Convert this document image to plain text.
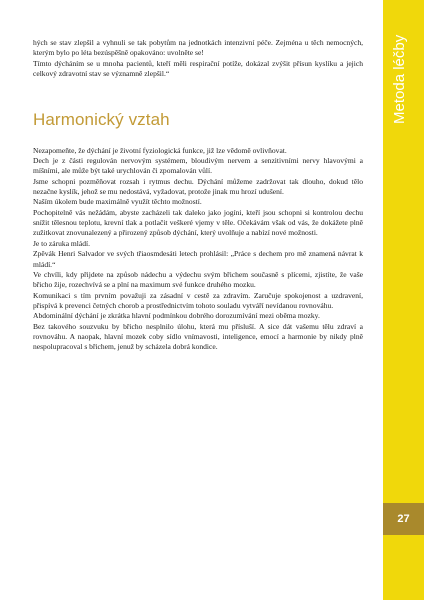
hých se stav zlepšil a vyhnuli se tak pobytům na jednotkách intenzivní péče. Zejména u těch nemocných, kterým bylo po léta bezúspěšně opakováno: uvolněte se!

Tímto dýcháním se u mnoha pacientů, kteří měli respirační potíže, dokázal zvýšit přísun kyslíku a jejich celkový zdravotní stav se významně zlepšil.“

Harmonický vztah

Nezapomeňte, že dýchání je životní fyziologická funkce, již lze vědomě ovlivňovat.

Dech je z části regulován nervovým systémem, bloudivým nervem a senzitivními nervy hlavovými a míšními, ale může být také urychlován či zpomalován vůlí.

Jsme schopni pozměňovat rozsah i rytmus dechu. Dýchání můžeme zadržovat tak dlouho, dokud tělo nezačne kyslík, jehož se mu nedostává, vyžadovat, protože jinak mu hrozí udušení.

Naším úkolem bude maximálně využít těchto možností.

Pochopitelně vás nežádám, abyste zacházeli tak daleko jako jogíni, kteří jsou schopni si kontrolou dechu snížit tělesnou teplotu, krevní tlak a potlačit veškeré vjemy v těle. Očekávám však od vás, že dokážete plně zužitkovat znovunalezený a přirozený způsob dýchání, který uvolňuje a nabízí nové možnosti.

Je to záruka mládí.

Zpěvák Henri Salvador ve svých třiaosmdesáti letech prohlásil: „Práce s dechem pro mě znamená návrat k mládí.“

Ve chvíli, kdy přijdete na způsob nádechu a výdechu svým břichem současně s plícemi, zjistíte, že vaše břicho žije, rozechvívá se a plní na maximum své funkce druhého mozku.

Komunikaci s tím prvním považuji za zásadní v cestě za zdravím. Zaručuje spokojenost a uzdravení, přispívá k prevenci četných chorob a prostřednictvím tohoto souladu vytváří nevídanou rovnováhu.

Abdominální dýchání je zkrátka hlavní podmínkou dobrého dorozumívání mezi oběma mozky.

Bez takového souzvuku by břicho nesplnilo úlohu, která mu přísluší. A sice dát vašemu tělu zdraví a rovnováhu. A naopak, hlavní mozek coby sídlo vnímavosti, inteligence, emocí a harmonie by nikdy plně nespolupracoval s břichem, jenuž by scházela dobrá kondice.

Metoda léčby
27
